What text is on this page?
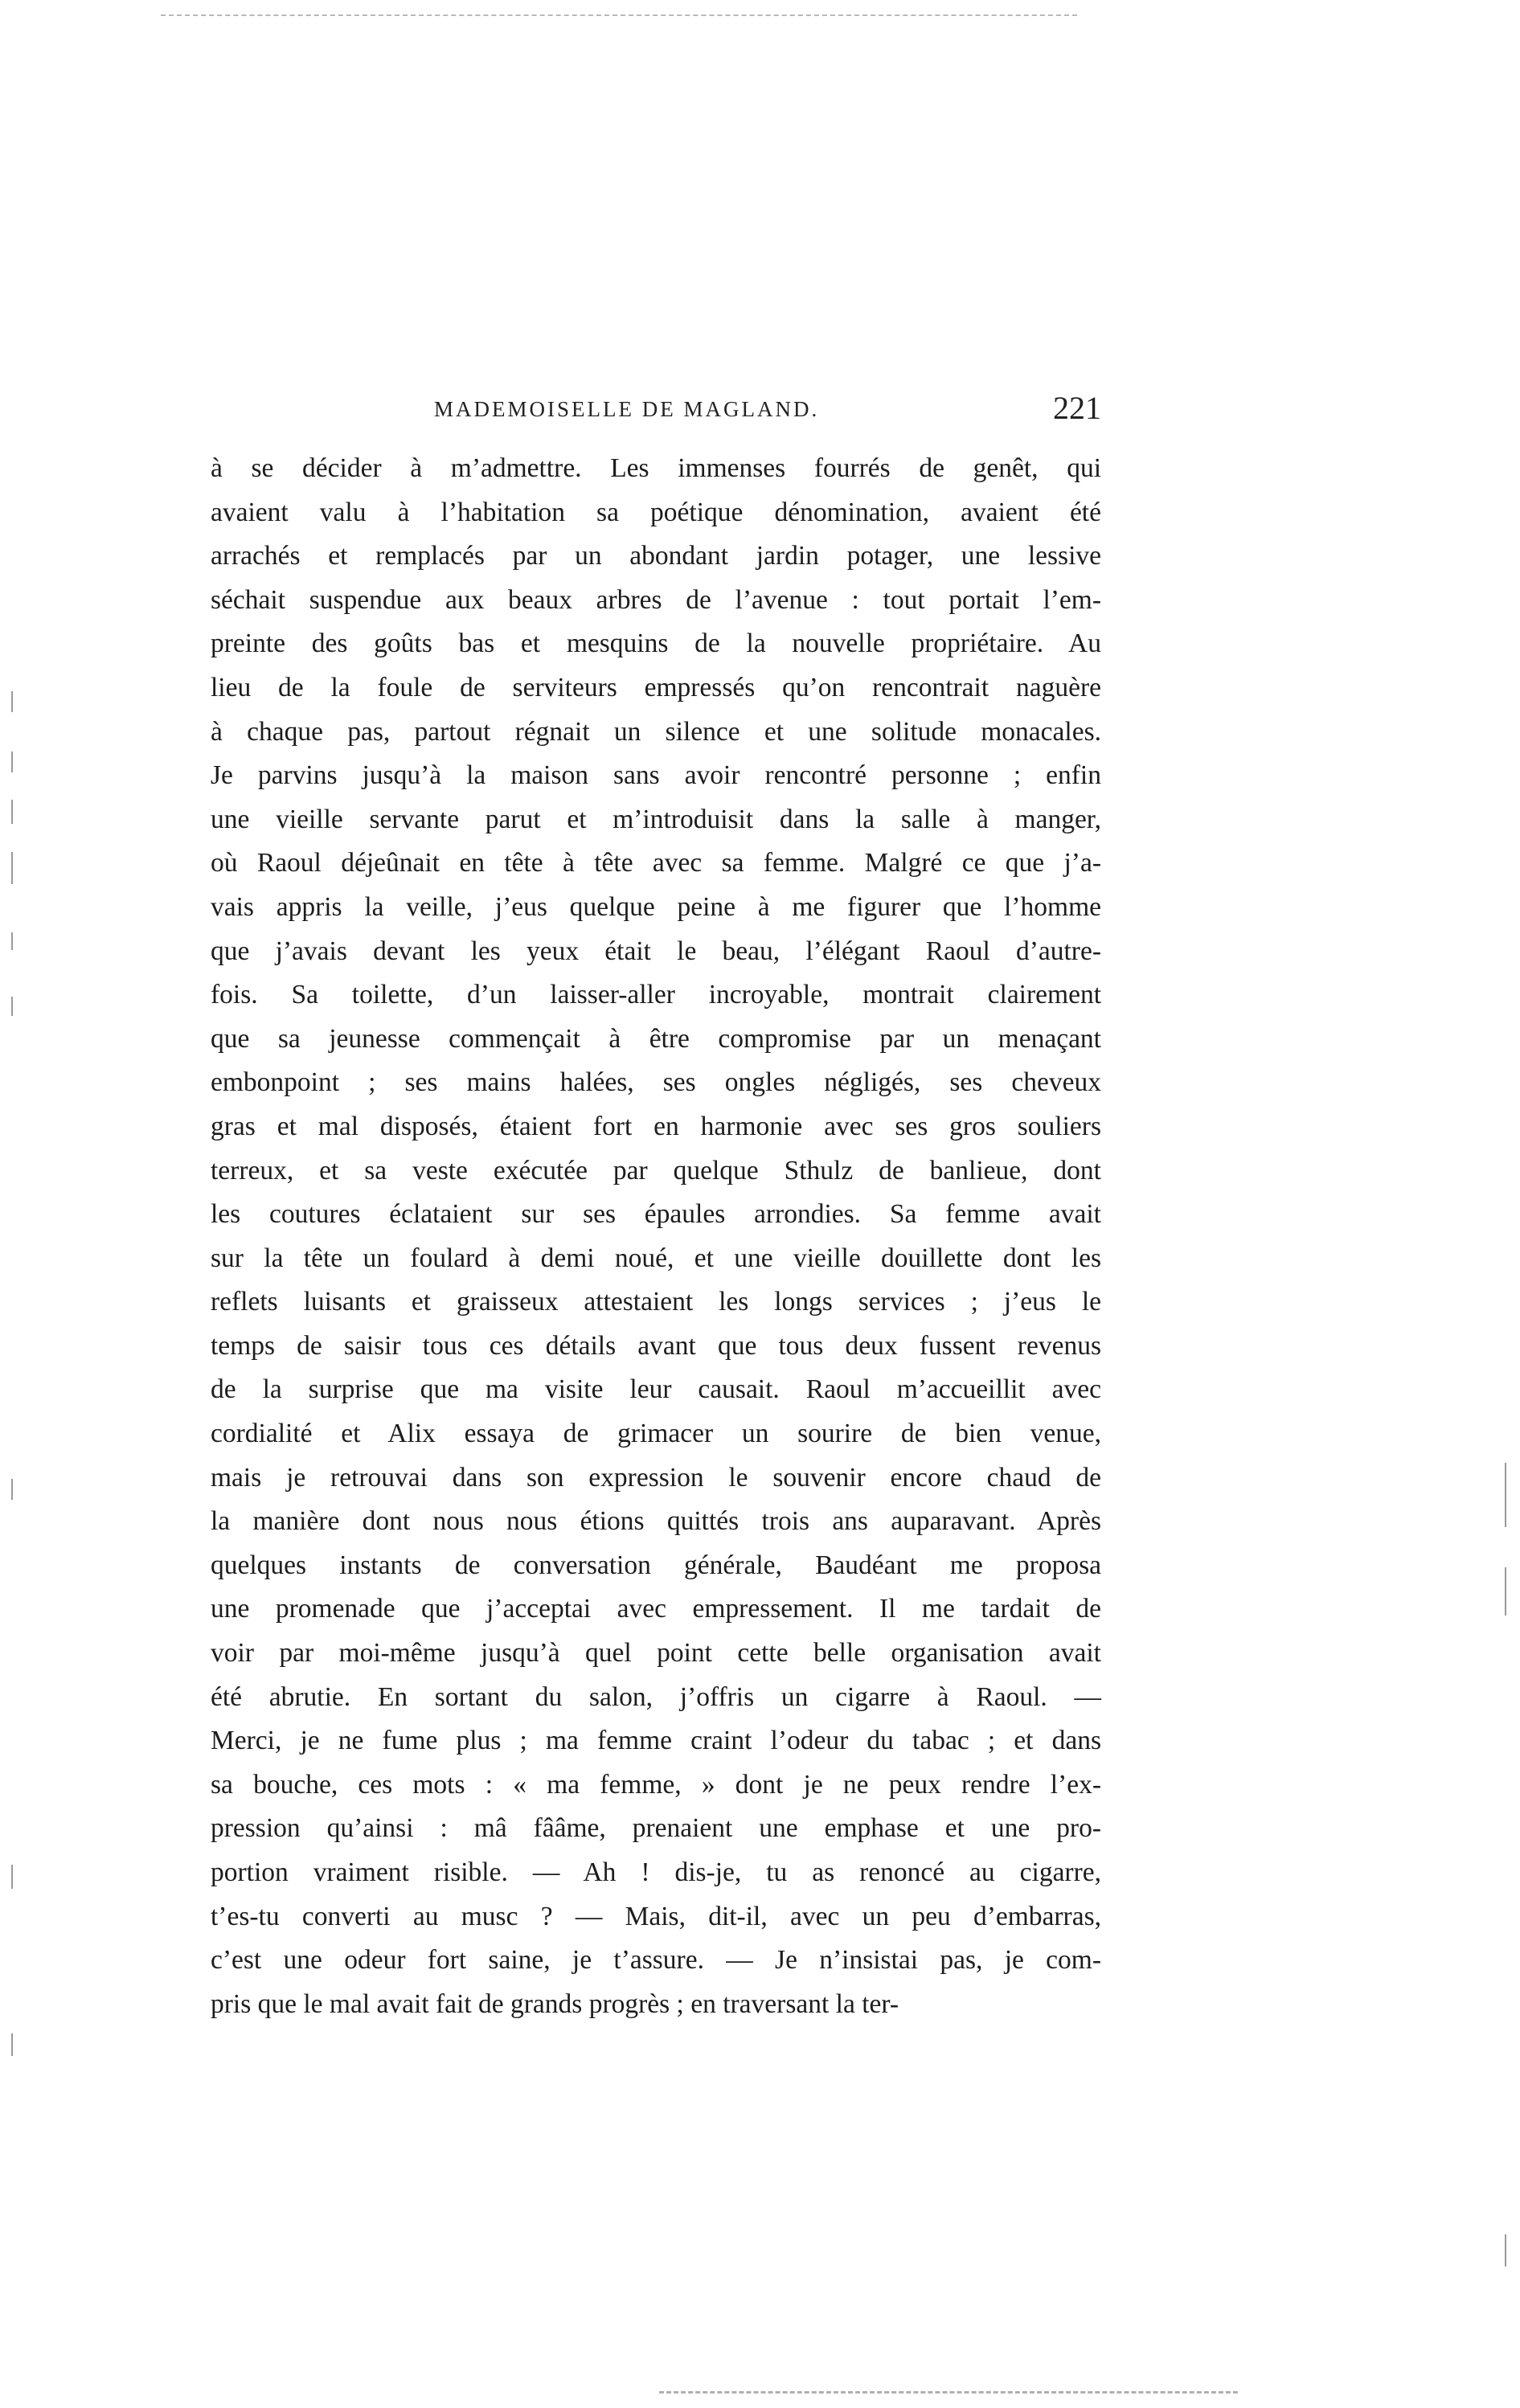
MADEMOISELLE DE MAGLAND.	221
à se décider à m’admettre. Les immenses fourrés de genêt, qui
avaient valu à l’habitation sa poétique dénomination, avaient été
arrachés et remplacés par un abondant jardin potager, une lessive
séchait suspendue aux beaux arbres de l’avenue : tout portait l’em-
preinte des goûts bas et mesquins de la nouvelle propriétaire. Au
lieu de la foule de serviteurs empressés qu’on rencontrait naguère
à chaque pas, partout régnait un silence et une solitude monacales.
Je parvins jusqu’à la maison sans avoir rencontré personne ; enfin
une vieille servante parut et m’introduisit dans la salle à manger,
où Raoul déjeûnait en tête à tête avec sa femme. Malgré ce que j’a-
vais appris la veille, j’eus quelque peine à me figurer que l’homme
que j’avais devant les yeux était le beau, l’élégant Raoul d’autre-
fois. Sa toilette, d’un laisser-aller incroyable, montrait clairement
que sa jeunesse commençait à être compromise par un menaçant
embonpoint ; ses mains halées, ses ongles négligés, ses cheveux
gras et mal disposés, étaient fort en harmonie avec ses gros souliers
terreux, et sa veste exécutée par quelque Sthulz de banlieue, dont
les coutures éclataient sur ses épaules arrondies. Sa femme avait
sur la tête un foulard à demi noué, et une vieille douillette dont les
reflets luisants et graisseux attestaient les longs services ; j’eus le
temps de saisir tous ces détails avant que tous deux fussent revenus
de la surprise que ma visite leur causait. Raoul m’accueillit avec
cordialité et Alix essaya de grimacer un sourire de bien venue,
mais je retrouvai dans son expression le souvenir encore chaud de
la manière dont nous nous étions quittés trois ans auparavant. Après
quelques instants de conversation générale, Baudéant me proposa
une promenade que j’acceptai avec empressement. Il me tardait de
voir par moi-même jusqu’à quel point cette belle organisation avait
été abrutie. En sortant du salon, j’offris un cigarre à Raoul. —
Merci, je ne fume plus ; ma femme craint l’odeur du tabac ; et dans
sa bouche, ces mots : « ma femme, » dont je ne peux rendre l’ex-
pression qu’ainsi : mâ fââme, prenaient une emphase et une pro-
portion vraiment risible. — Ah ! dis-je, tu as renoncé au cigarre,
t’es-tu converti au musc ? — Mais, dit-il, avec un peu d’embarras,
c’est une odeur fort saine, je t’assure. — Je n’insistai pas, je com-
pris que le mal avait fait de grands progrès ; en traversant la ter-
